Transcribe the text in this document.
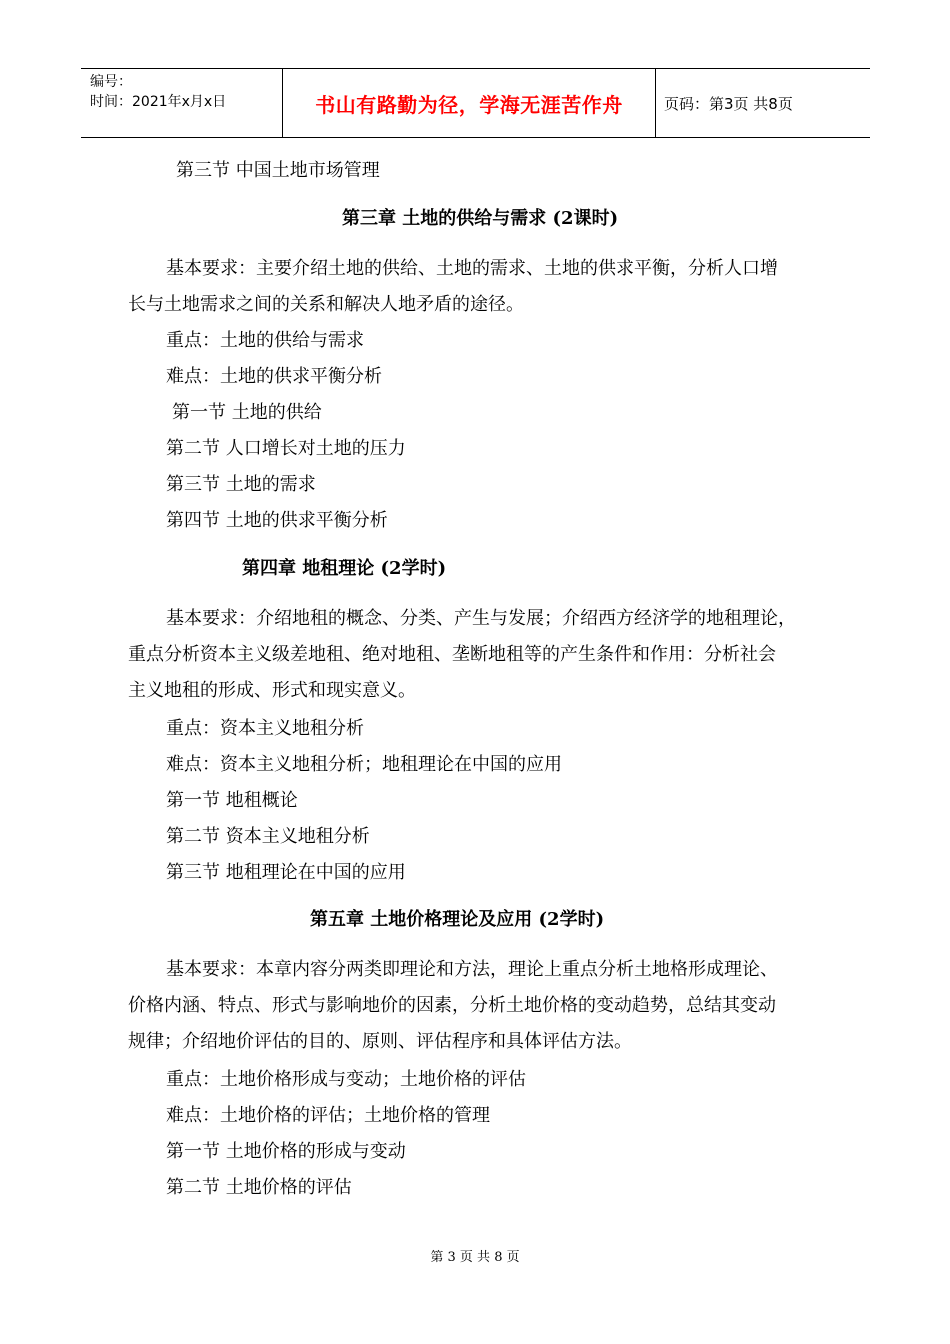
编号：
时间：2021年x月x日	书山有路勤为径，学海无涯苦作舟	页码：第3页 共8页
第三节 中国土地市场管理
第三章 土地的供给与需求 (2课时)
基本要求：主要介绍土地的供给、土地的需求、土地的供求平衡，分析人口增
长与土地需求之间的关系和解决人地矛盾的途径。
重点：土地的供给与需求
难点：土地的供求平衡分析
第一节 土地的供给
第二节 人口增长对土地的压力
第三节 土地的需求
第四节 土地的供求平衡分析
第四章 地租理论 (2学时)
基本要求：介绍地租的概念、分类、产生与发展；介绍西方经济学的地租理论，
重点分析资本主义级差地租、绝对地租、垄断地租等的产生条件和作用：分析社会
主义地租的形成、形式和现实意义。
重点：资本主义地租分析
难点：资本主义地租分析；地租理论在中国的应用
第一节 地租概论
第二节 资本主义地租分析
第三节 地租理论在中国的应用
第五章 土地价格理论及应用 (2学时)
基本要求：本章内容分两类即理论和方法，理论上重点分析土地格形成理论、
价格内涵、特点、形式与影响地价的因素，分析土地价格的变动趋势，总结其变动
规律；介绍地价评估的目的、原则、评估程序和具体评估方法。
重点：土地价格形成与变动；土地价格的评估
难点：土地价格的评估；土地价格的管理
第一节 土地价格的形成与变动
第二节 土地价格的评估
第 3 页 共 8 页
